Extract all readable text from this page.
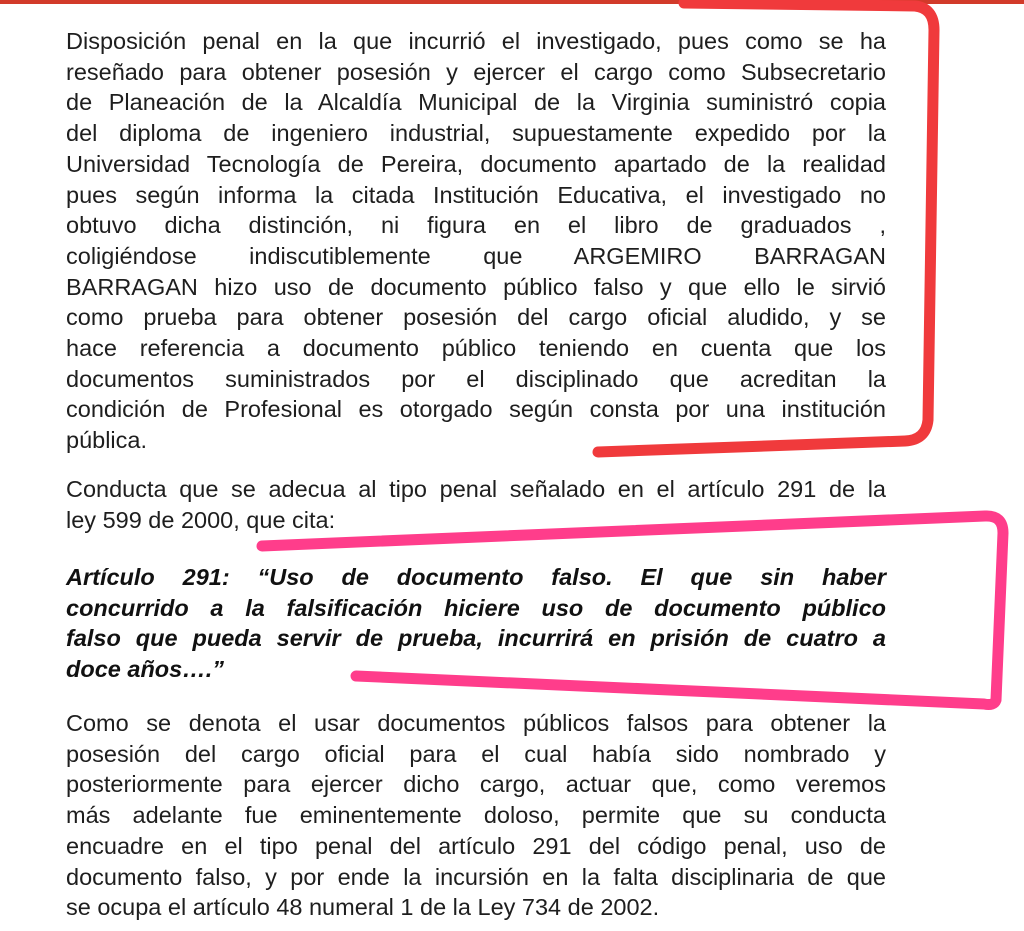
Disposición penal en la que incurrió el investigado, pues como se ha
reseñado para obtener posesión y ejercer el cargo como Subsecretario
de Planeación de la Alcaldía Municipal de la Virginia suministró copia
del diploma de ingeniero industrial, supuestamente expedido por la
Universidad Tecnología de Pereira, documento apartado de la realidad
pues según informa la citada Institución Educativa, el investigado no
obtuvo dicha distinción, ni figura en el libro de graduados ,
coligiéndose indiscutiblemente que ARGEMIRO BARRAGAN
BARRAGAN hizo uso de documento público falso y que ello le sirvió
como prueba para obtener posesión del cargo oficial aludido, y se
hace referencia a documento público teniendo en cuenta que los
documentos suministrados por el disciplinado que acreditan la
condición de Profesional es otorgado según consta por una institución
pública.

Conducta que se adecua al tipo penal señalado en el artículo 291 de la
ley 599 de 2000, que cita:

Artículo 291: “Uso de documento falso. El que sin haber
concurrido a la falsificación hiciere uso de documento público
falso que pueda servir de prueba, incurrirá en prisión de cuatro a
doce años….”

Como se denota el usar documentos públicos falsos para obtener la
posesión del cargo oficial para el cual había sido nombrado y
posteriormente para ejercer dicho cargo, actuar que, como veremos
más adelante fue eminentemente doloso, permite que su conducta
encuadre en el tipo penal del artículo 291 del código penal, uso de
documento falso, y por ende la incursión en la falta disciplinaria de que
se ocupa el artículo 48 numeral 1 de la Ley 734 de 2002.
